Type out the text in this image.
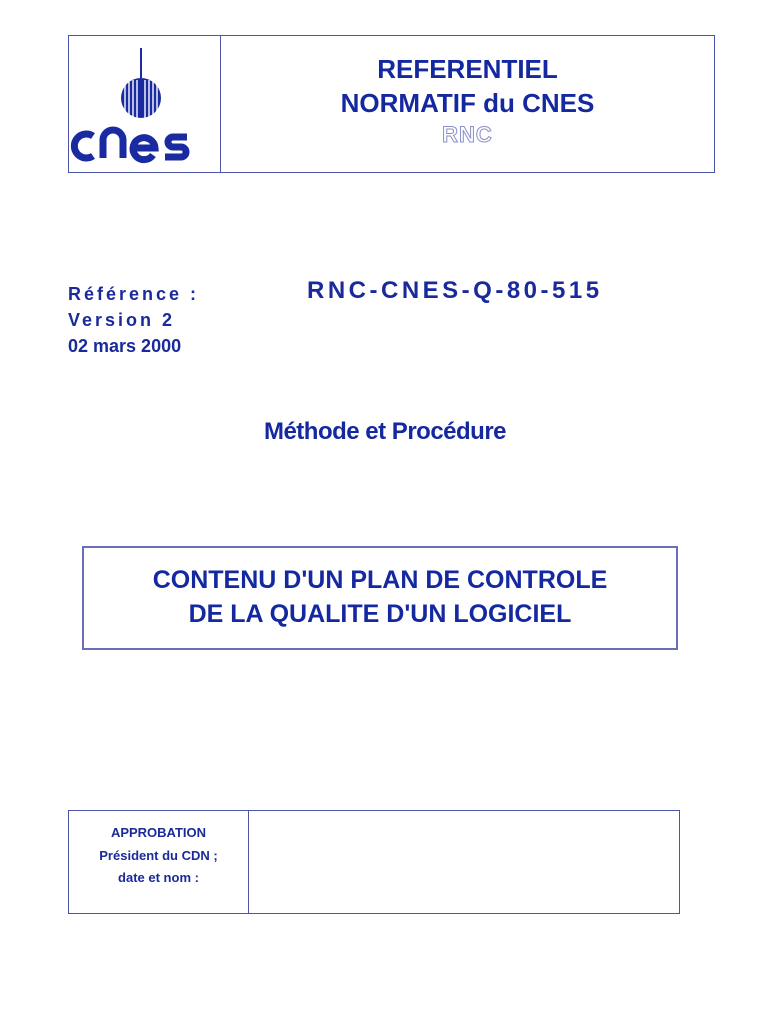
REFERENTIEL
NORMATIF du CNES
RNC
Référence :
Version 2
02 mars 2000
RNC-CNES-Q-80-515
Méthode et Procédure
CONTENU D'UN PLAN DE CONTROLE
DE LA QUALITE D'UN LOGICIEL
APPROBATION
Président du CDN ;
date et nom :
